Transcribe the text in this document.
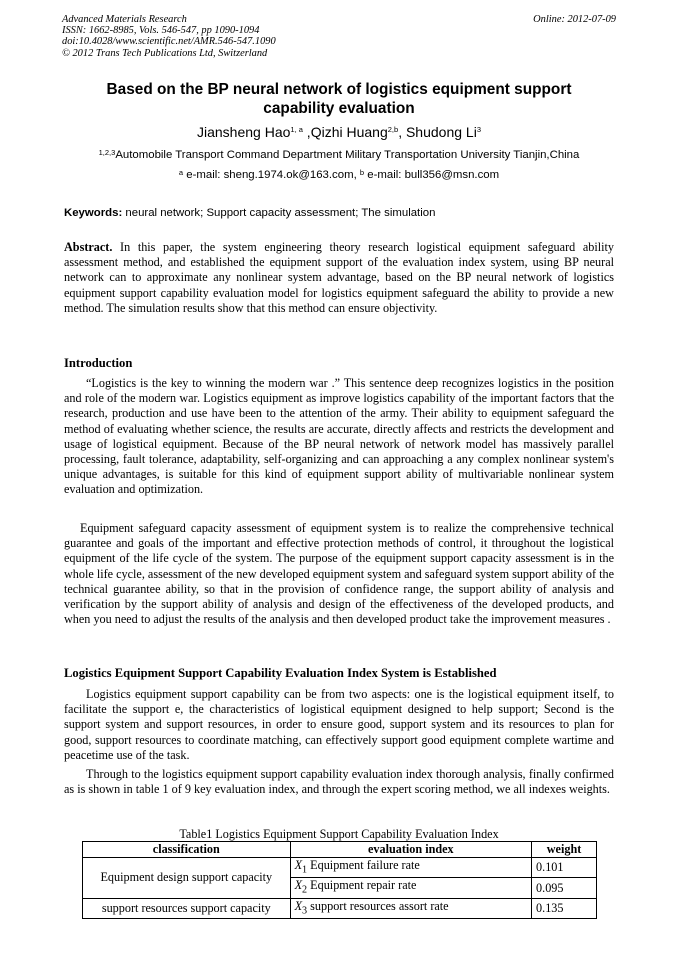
Advanced Materials Research
ISSN: 1662-8985, Vols. 546-547, pp 1090-1094
doi:10.4028/www.scientific.net/AMR.546-547.1090
© 2012 Trans Tech Publications Ltd, Switzerland
Online: 2012-07-09
Based on the BP neural network of logistics equipment support
capability evaluation
Jiansheng Hao$^{1, a}$ ,Qizhi Huang$^{2,b}$, Shudong Li$^3$
$^{1,2,3}$Automobile Transport Command Department Military Transportation University Tianjin,China
$^a$ e-mail: sheng.1974.ok@163.com, $^b$ e-mail: bull356@msn.com
Keywords: neural network; Support capacity assessment; The simulation
Abstract. In this paper, the system engineering theory research logistical equipment safeguard ability assessment method, and established the equipment support of the evaluation index system, using BP neural network can to approximate any nonlinear system advantage, based on the BP neural network of logistics equipment support capability evaluation model for logistics equipment safeguard the ability to provide a new method. The simulation results show that this method can ensure objectivity.
Introduction
“Logistics is the key to winning the modern war .” This sentence deep recognizes logistics in the position and role of the modern war. Logistics equipment as improve logistics capability of the important factors that the research, production and use have been to the attention of the army. Their ability to equipment safeguard the method of evaluating whether science, the results are accurate, directly affects and restricts the development and usage of logistical equipment. Because of the BP neural network of network model has massively parallel processing, fault tolerance, adaptability, self-organizing and can approaching a any complex nonlinear system's unique advantages, is suitable for this kind of equipment support ability of multivariable nonlinear system evaluation and optimization.
Equipment safeguard capacity assessment of equipment system is to realize the comprehensive technical guarantee and goals of the important and effective protection methods of control, it throughout the logistical equipment of the life cycle of the system. The purpose of the equipment support capacity assessment is in the whole life cycle, assessment of the new developed equipment system and safeguard system support ability of the technical guarantee ability, so that in the provision of confidence range, the support ability of analysis and verification by the support ability of analysis and design of the effectiveness of the developed products, and when you need to adjust the results of the analysis and then developed product take the improvement measures .
Logistics Equipment Support Capability Evaluation Index System is Established
Logistics equipment support capability can be from two aspects: one is the logistical equipment itself, to facilitate the support e, the characteristics of logistical equipment designed to help support; Second is the support system and support resources, in order to ensure good, support system and its resources to plan for good, support resources to coordinate matching, can effectively support good equipment complete wartime and peacetime use of the task.
Through to the logistics equipment support capability evaluation index thorough analysis, finally confirmed as is shown in table 1 of 9 key evaluation index, and through the expert scoring method, we all indexes weights.
Table1 Logistics Equipment Support Capability Evaluation Index
classification	evaluation index	weight
Equipment design support capacity	$X_1$ Equipment failure rate	0.101
	$X_2$ Equipment repair rate	0.095
support resources support capacity	$X_3$ support resources assort rate	0.135
